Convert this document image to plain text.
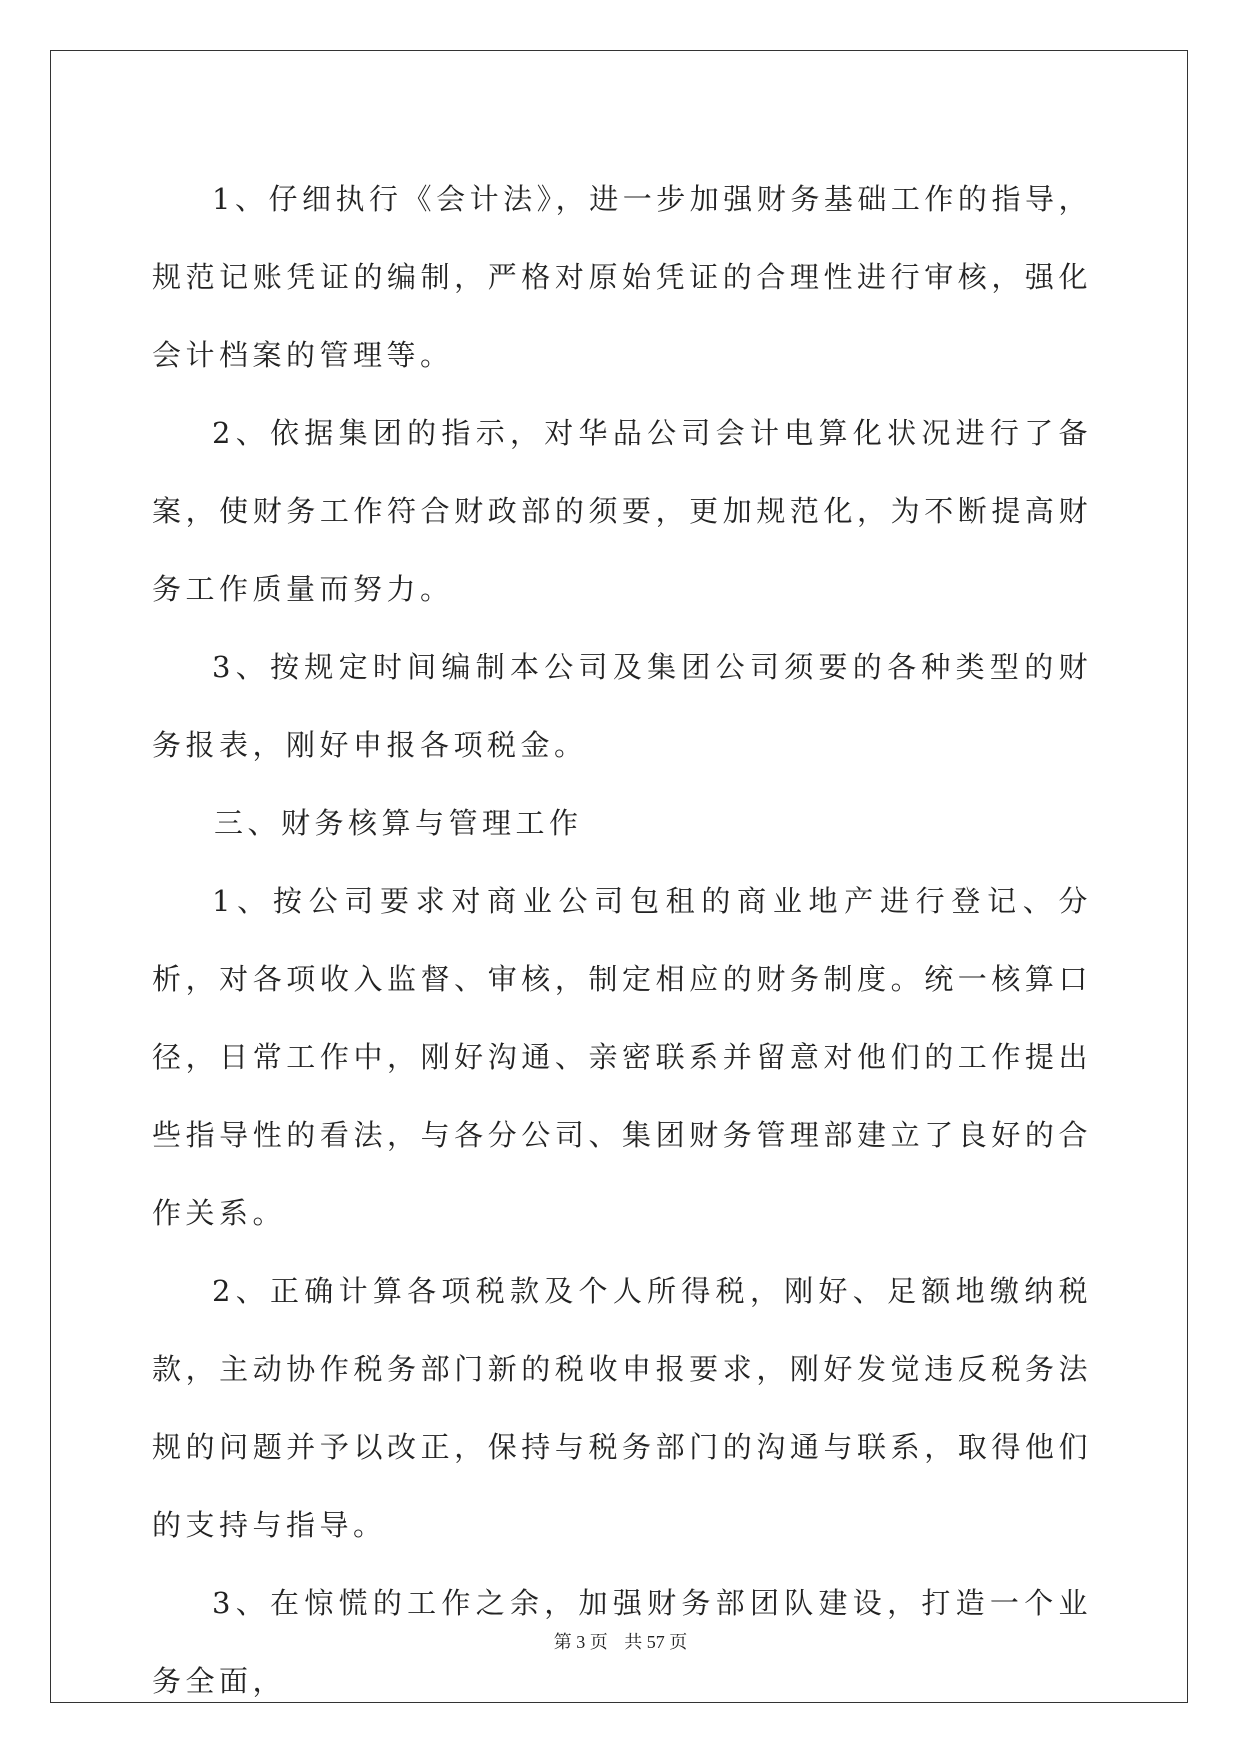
1、仔细执行《会计法》，进一步加强财务基础工作的指导，规范记账凭证的编制，严格对原始凭证的合理性进行审核，强化会计档案的管理等。

2、依据集团的指示，对华品公司会计电算化状况进行了备案，使财务工作符合财政部的须要，更加规范化，为不断提高财务工作质量而努力。

3、按规定时间编制本公司及集团公司须要的各种类型的财务报表，刚好申报各项税金。

三、财务核算与管理工作

1、按公司要求对商业公司包租的商业地产进行登记、分析，对各项收入监督、审核，制定相应的财务制度。统一核算口径，日常工作中，刚好沟通、亲密联系并留意对他们的工作提出些指导性的看法，与各分公司、集团财务管理部建立了良好的合作关系。

2、正确计算各项税款及个人所得税，刚好、足额地缴纳税款，主动协作税务部门新的税收申报要求，刚好发觉违反税务法规的问题并予以改正，保持与税务部门的沟通与联系，取得他们的支持与指导。

3、在惊慌的工作之余，加强财务部团队建设，打造一个业务全面，

第 3 页 共 57 页
